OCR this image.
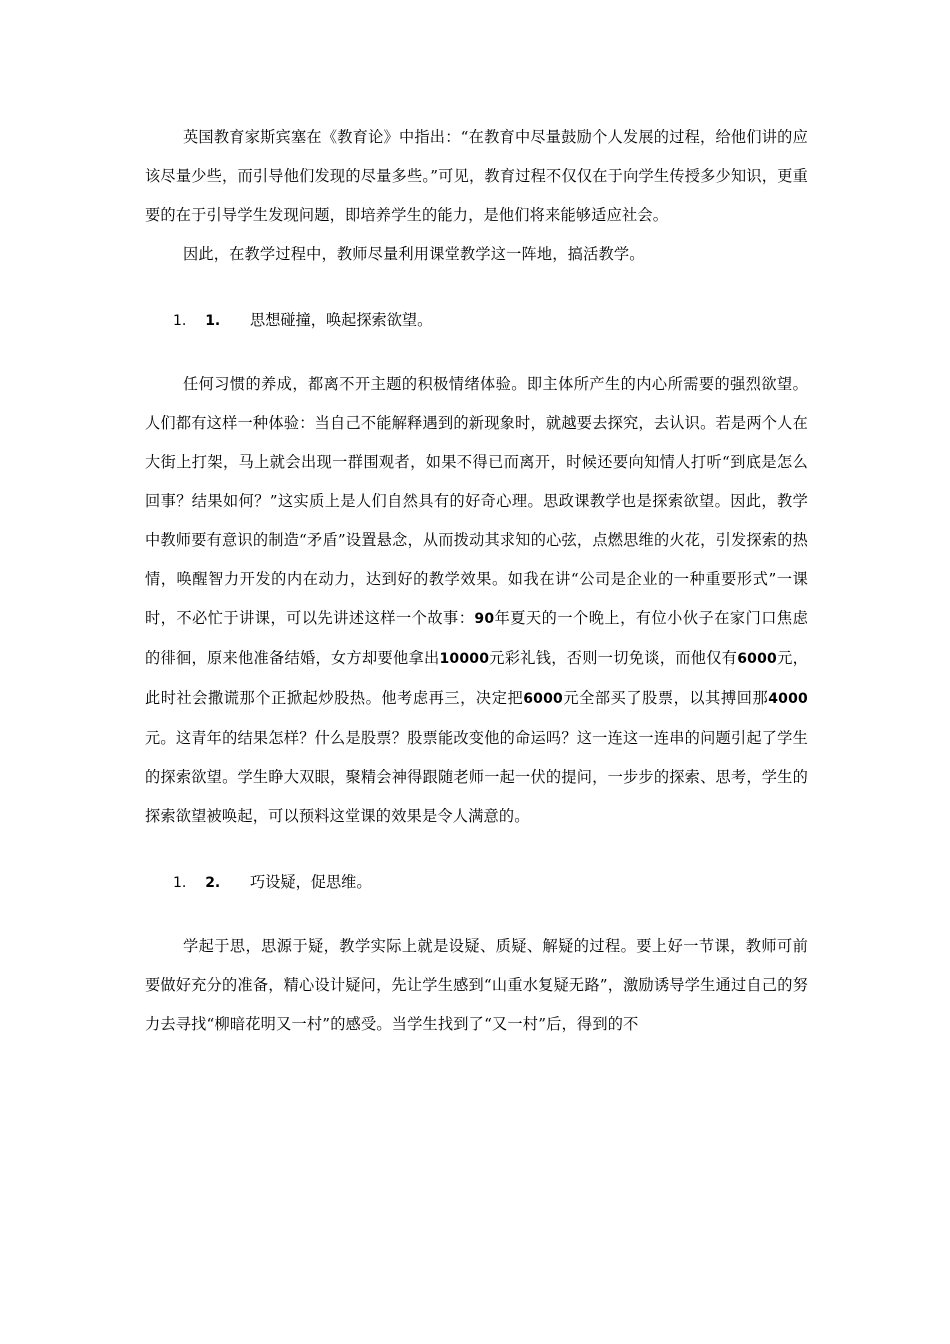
英国教育家斯宾塞在《教育论》中指出：“在教育中尽量鼓励个人发展的过程，给他们讲的应该尽量少些，而引导他们发现的尽量多些。”可见，教育过程不仅仅在于向学生传授多少知识，更重要的在于引导学生发现问题，即培养学生的能力，是他们将来能够适应社会。

因此，在教学过程中，教师尽量利用课堂教学这一阵地，搞活教学。

1. 1. 思想碰撞，唤起探索欲望。

任何习惯的养成，都离不开主题的积极情绪体验。即主体所产生的内心所需要的强烈欲望。人们都有这样一种体验：当自己不能解释遇到的新现象时，就越要去探究，去认识。若是两个人在大街上打架，马上就会出现一群围观者，如果不得已而离开，时候还要向知情人打听“到底是怎么回事？结果如何？”这实质上是人们自然具有的好奇心理。思政课教学也是探索欲望。因此，教学中教师要有意识的制造“矛盾”设置悬念，从而拨动其求知的心弦，点燃思维的火花，引发探索的热情，唤醒智力开发的内在动力，达到好的教学效果。如我在讲“公司是企业的一种重要形式”一课时，不必忙于讲课，可以先讲述这样一个故事：90年夏天的一个晚上，有位小伙子在家门口焦虑的徘徊，原来他准备结婚，女方却要他拿出10000元彩礼钱，否则一切免谈，而他仅有6000元，此时社会撒谎那个正掀起炒股热。他考虑再三，决定把6000元全部买了股票，以其搏回那4000元。这青年的结果怎样？什么是股票？股票能改变他的命运吗？这一连这一连串的问题引起了学生的探索欲望。学生睁大双眼，聚精会神得跟随老师一起一伏的提问，一步步的探索、思考，学生的探索欲望被唤起，可以预料这堂课的效果是令人满意的。

1. 2. 巧设疑，促思维。

学起于思，思源于疑，教学实际上就是设疑、质疑、解疑的过程。要上好一节课，教师可前要做好充分的准备，精心设计疑问，先让学生感到“山重水复疑无路”，激励诱导学生通过自己的努力去寻找“柳暗花明又一村”的感受。当学生找到了“又一村”后，得到的不
